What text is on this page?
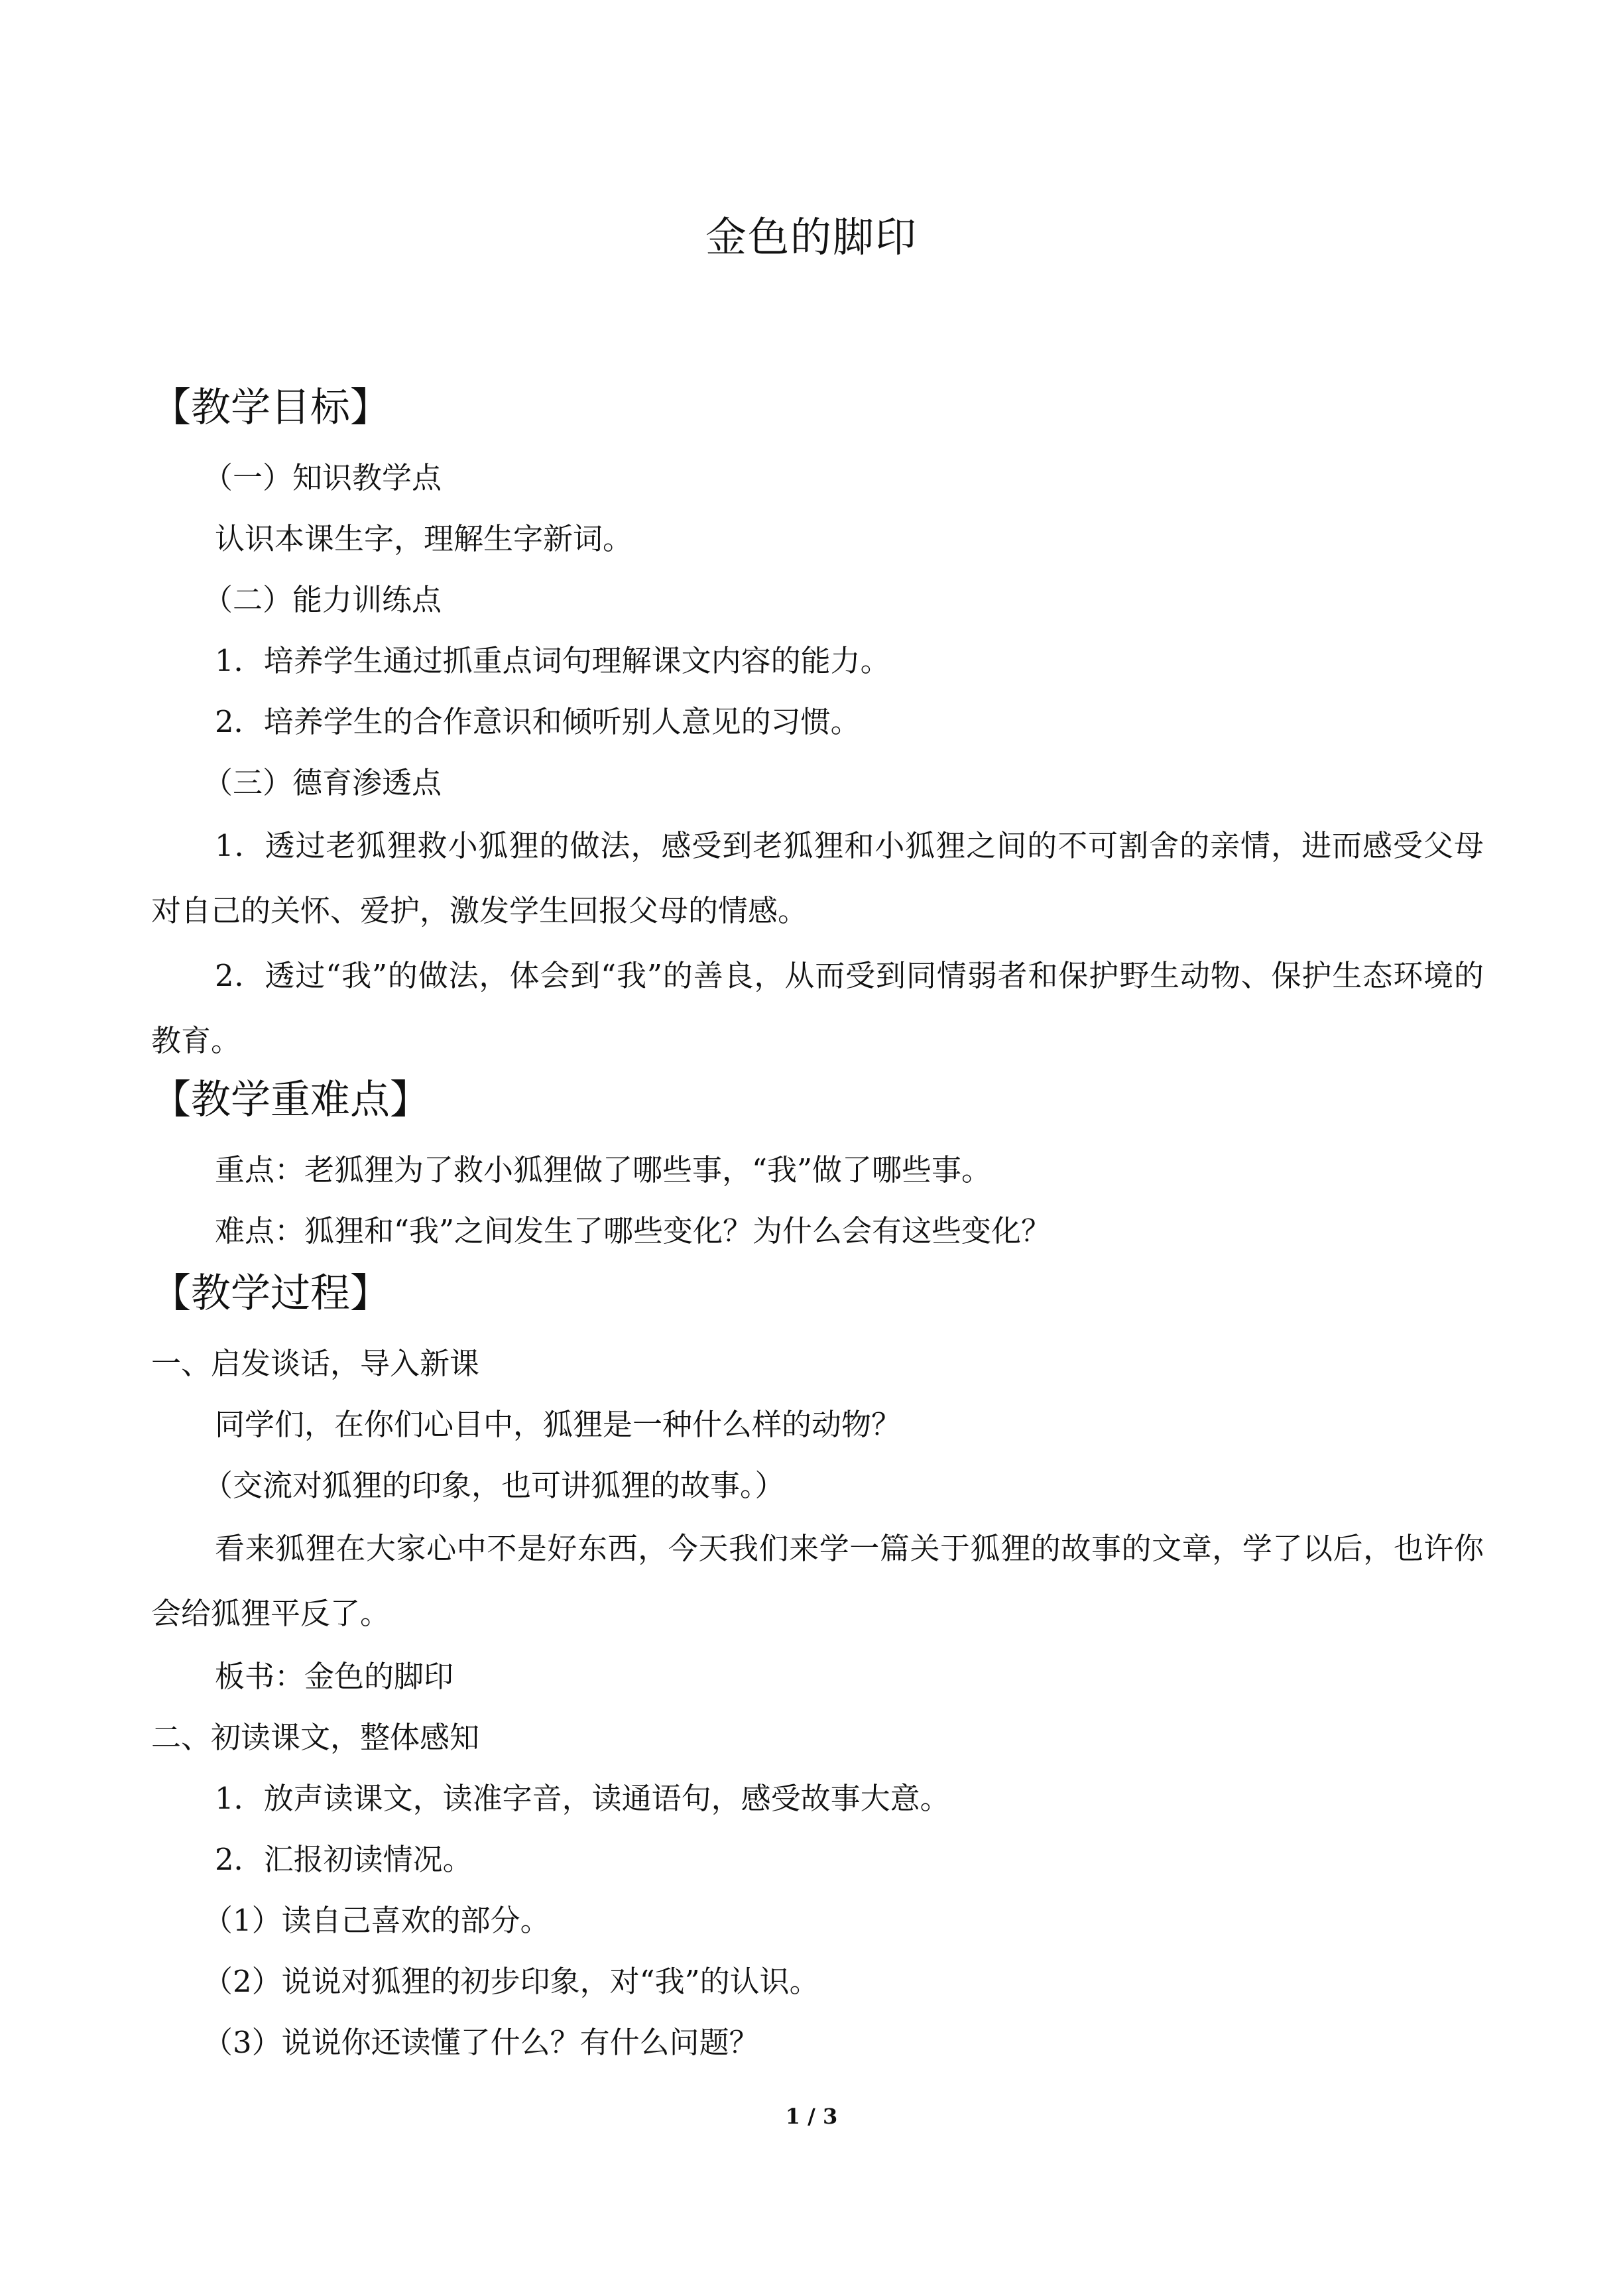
金色的脚印
【教学目标】

（一）知识教学点

认识本课生字，理解生字新词。

（二）能力训练点

1．培养学生通过抓重点词句理解课文内容的能力。

2．培养学生的合作意识和倾听别人意见的习惯。

（三）德育渗透点

1．透过老狐狸救小狐狸的做法，感受到老狐狸和小狐狸之间的不可割舍的亲情，进而感受父母对自己的关怀、爱护，激发学生回报父母的情感。

2．透过“我”的做法，体会到“我”的善良，从而受到同情弱者和保护野生动物、保护生态环境的教育。

【教学重难点】

重点：老狐狸为了救小狐狸做了哪些事，“我”做了哪些事。

难点：狐狸和“我”之间发生了哪些变化？为什么会有这些变化？

【教学过程】

一、启发谈话，导入新课

同学们，在你们心目中，狐狸是一种什么样的动物？

（交流对狐狸的印象，也可讲狐狸的故事。）

看来狐狸在大家心中不是好东西，今天我们来学一篇关于狐狸的故事的文章，学了以后，也许你会给狐狸平反了。

板书：金色的脚印

二、初读课文，整体感知

1．放声读课文，读准字音，读通语句，感受故事大意。

2．汇报初读情况。

（1）读自己喜欢的部分。

（2）说说对狐狸的初步印象，对“我”的认识。

（3）说说你还读懂了什么？有什么问题？

1 / 3
